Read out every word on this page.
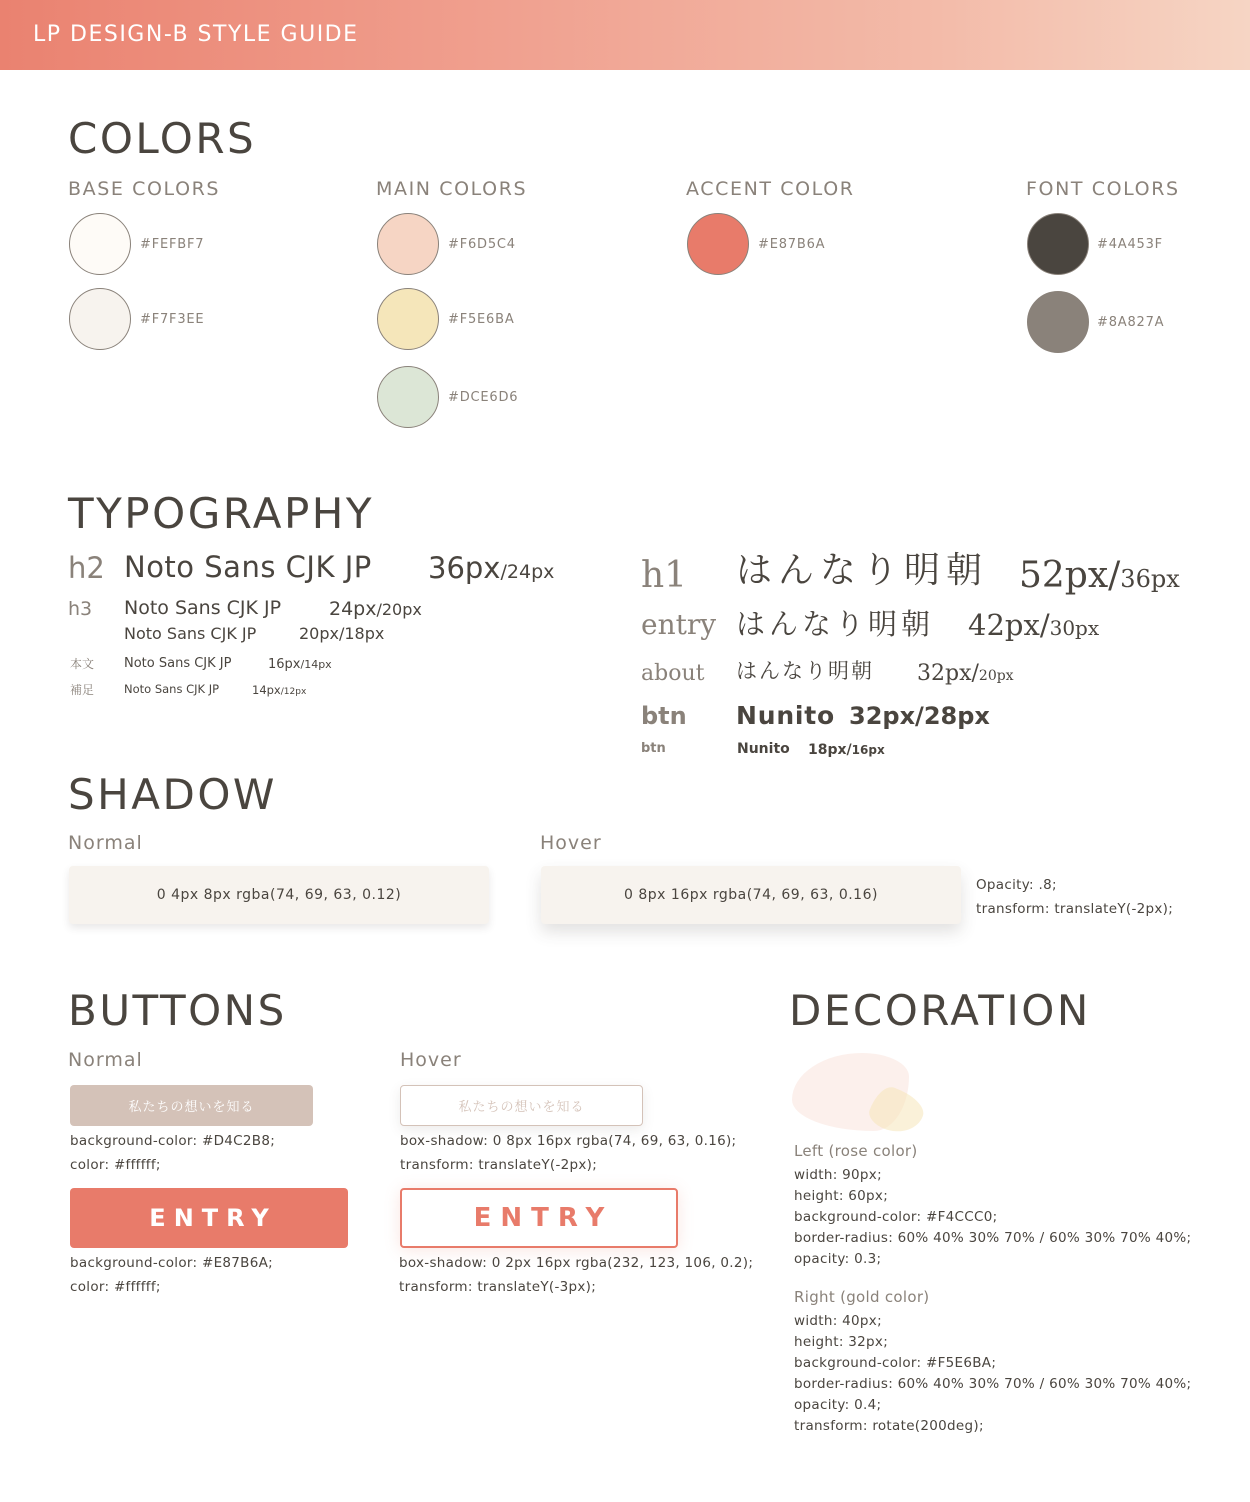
LP DESIGN-B STYLE GUIDE
COLORS
BASE COLORS
#FEFBF7
#F7F3EE
MAIN COLORS
#F6D5C4
#F5E6BA
#DCE6D6
ACCENT COLOR
#E87B6A
FONT COLORS
#4A453F
#8A827A
TYPOGRAPHY
h2 Noto Sans CJK JP 36px/24px
h3 Noto Sans CJK JP	24px/20px
Noto Sans CJK JP	20px/18px
本文 Noto Sans CJK JP	16px/14px
補足	Noto Sans CJK JP	14px/12px
h1 はんなり明朝 52px/36px
entry はんなり明朝 42px/30px
about はんなり明朝 32px/20px
btn Nunito 32px/28px
btn	Nunito 18px/16px
SHADOW
Normal
0 4px 8px rgba(74, 69, 63, 0.12)
Hover
0 8px 16px rgba(74, 69, 63, 0.16)
Opacity: .8;
transform: translateY(-2px);
BUTTONS
Normal	Hover
私たちの想いを知る
background-color: #D4C2B8;
color: #ffffff;
私たちの想いを知る
box-shadow: 0 8px 16px rgba(74, 69, 63, 0.16);
transform: translateY(-2px);
ENTRY
background-color: #E87B6A;
color: #ffffff;
ENTRY
box-shadow: 0 2px 16px rgba(232, 123, 106, 0.2);
transform: translateY(-3px);
DECORATION
Left (rose color)
width: 90px;
height: 60px;
background-color: #F4CCC0;
border-radius: 60% 40% 30% 70% / 60% 30% 70% 40%;
opacity: 0.3;
Right (gold color)
width: 40px;
height: 32px;
background-color: #F5E6BA;
border-radius: 60% 40% 30% 70% / 60% 30% 70% 40%;
opacity: 0.4;
transform: rotate(200deg);
